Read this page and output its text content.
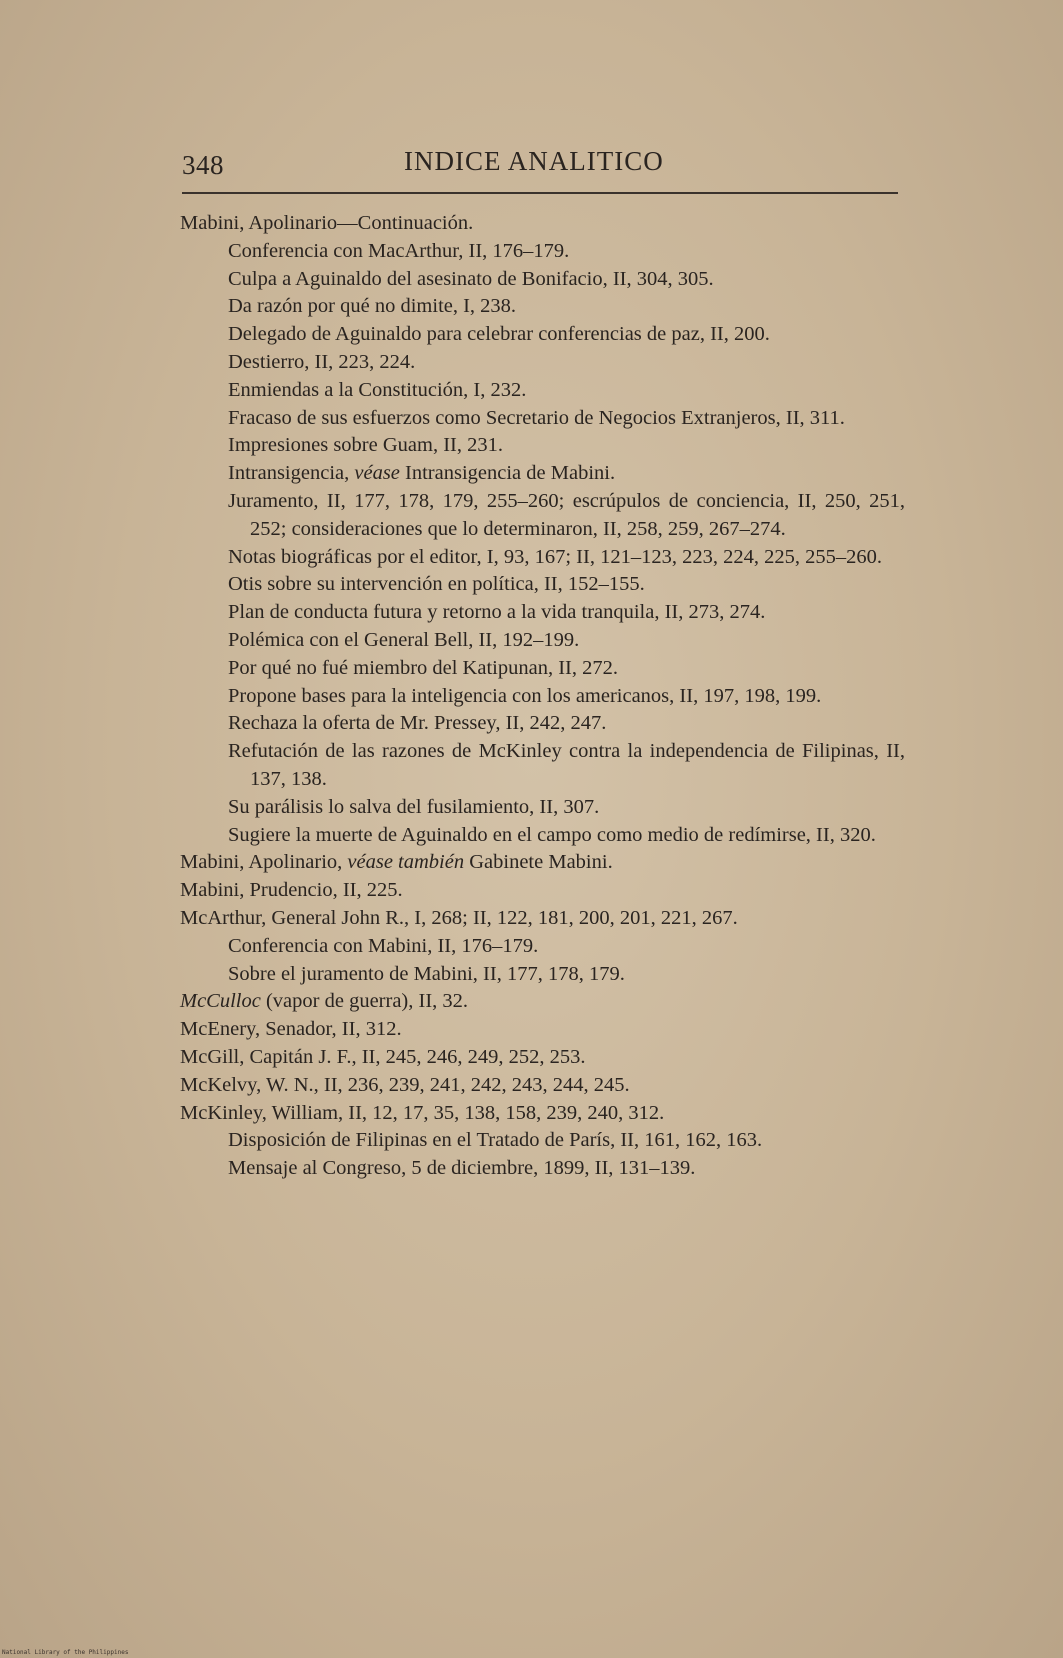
348	INDICE ANALITICO
Mabini, Apolinario—Continuación.
Conferencia con MacArthur, II, 176–179.
Culpa a Aguinaldo del asesinato de Bonifacio, II, 304, 305.
Da razón por qué no dimite, I, 238.
Delegado de Aguinaldo para celebrar conferencias de paz, II, 200.
Destierro, II, 223, 224.
Enmiendas a la Constitución, I, 232.
Fracaso de sus esfuerzos como Secretario de Negocios Extranjeros, II, 311.
Impresiones sobre Guam, II, 231.
Intransigencia, véase Intransigencia de Mabini.
Juramento, II, 177, 178, 179, 255–260; escrúpulos de conciencia, II, 250, 251, 252; consideraciones que lo determinaron, II, 258, 259, 267–274.
Notas biográficas por el editor, I, 93, 167; II, 121–123, 223, 224, 225, 255–260.
Otis sobre su intervención en política, II, 152–155.
Plan de conducta futura y retorno a la vida tranquila, II, 273, 274.
Polémica con el General Bell, II, 192–199.
Por qué no fué miembro del Katipunan, II, 272.
Propone bases para la inteligencia con los americanos, II, 197, 198, 199.
Rechaza la oferta de Mr. Pressey, II, 242, 247.
Refutación de las razones de McKinley contra la independencia de Filipinas, II, 137, 138.
Su parálisis lo salva del fusilamiento, II, 307.
Sugiere la muerte de Aguinaldo en el campo como medio de redímirse, II, 320.
Mabini, Apolinario, véase también Gabinete Mabini.
Mabini, Prudencio, II, 225.
McArthur, General John R., I, 268; II, 122, 181, 200, 201, 221, 267.
Conferencia con Mabini, II, 176–179.
Sobre el juramento de Mabini, II, 177, 178, 179.
McCulloc (vapor de guerra), II, 32.
McEnery, Senador, II, 312.
McGill, Capitán J. F., II, 245, 246, 249, 252, 253.
McKelvy, W. N., II, 236, 239, 241, 242, 243, 244, 245.
McKinley, William, II, 12, 17, 35, 138, 158, 239, 240, 312.
Disposición de Filipinas en el Tratado de París, II, 161, 162, 163.
Mensaje al Congreso, 5 de diciembre, 1899, II, 131–139.
National Library of the Philippines
